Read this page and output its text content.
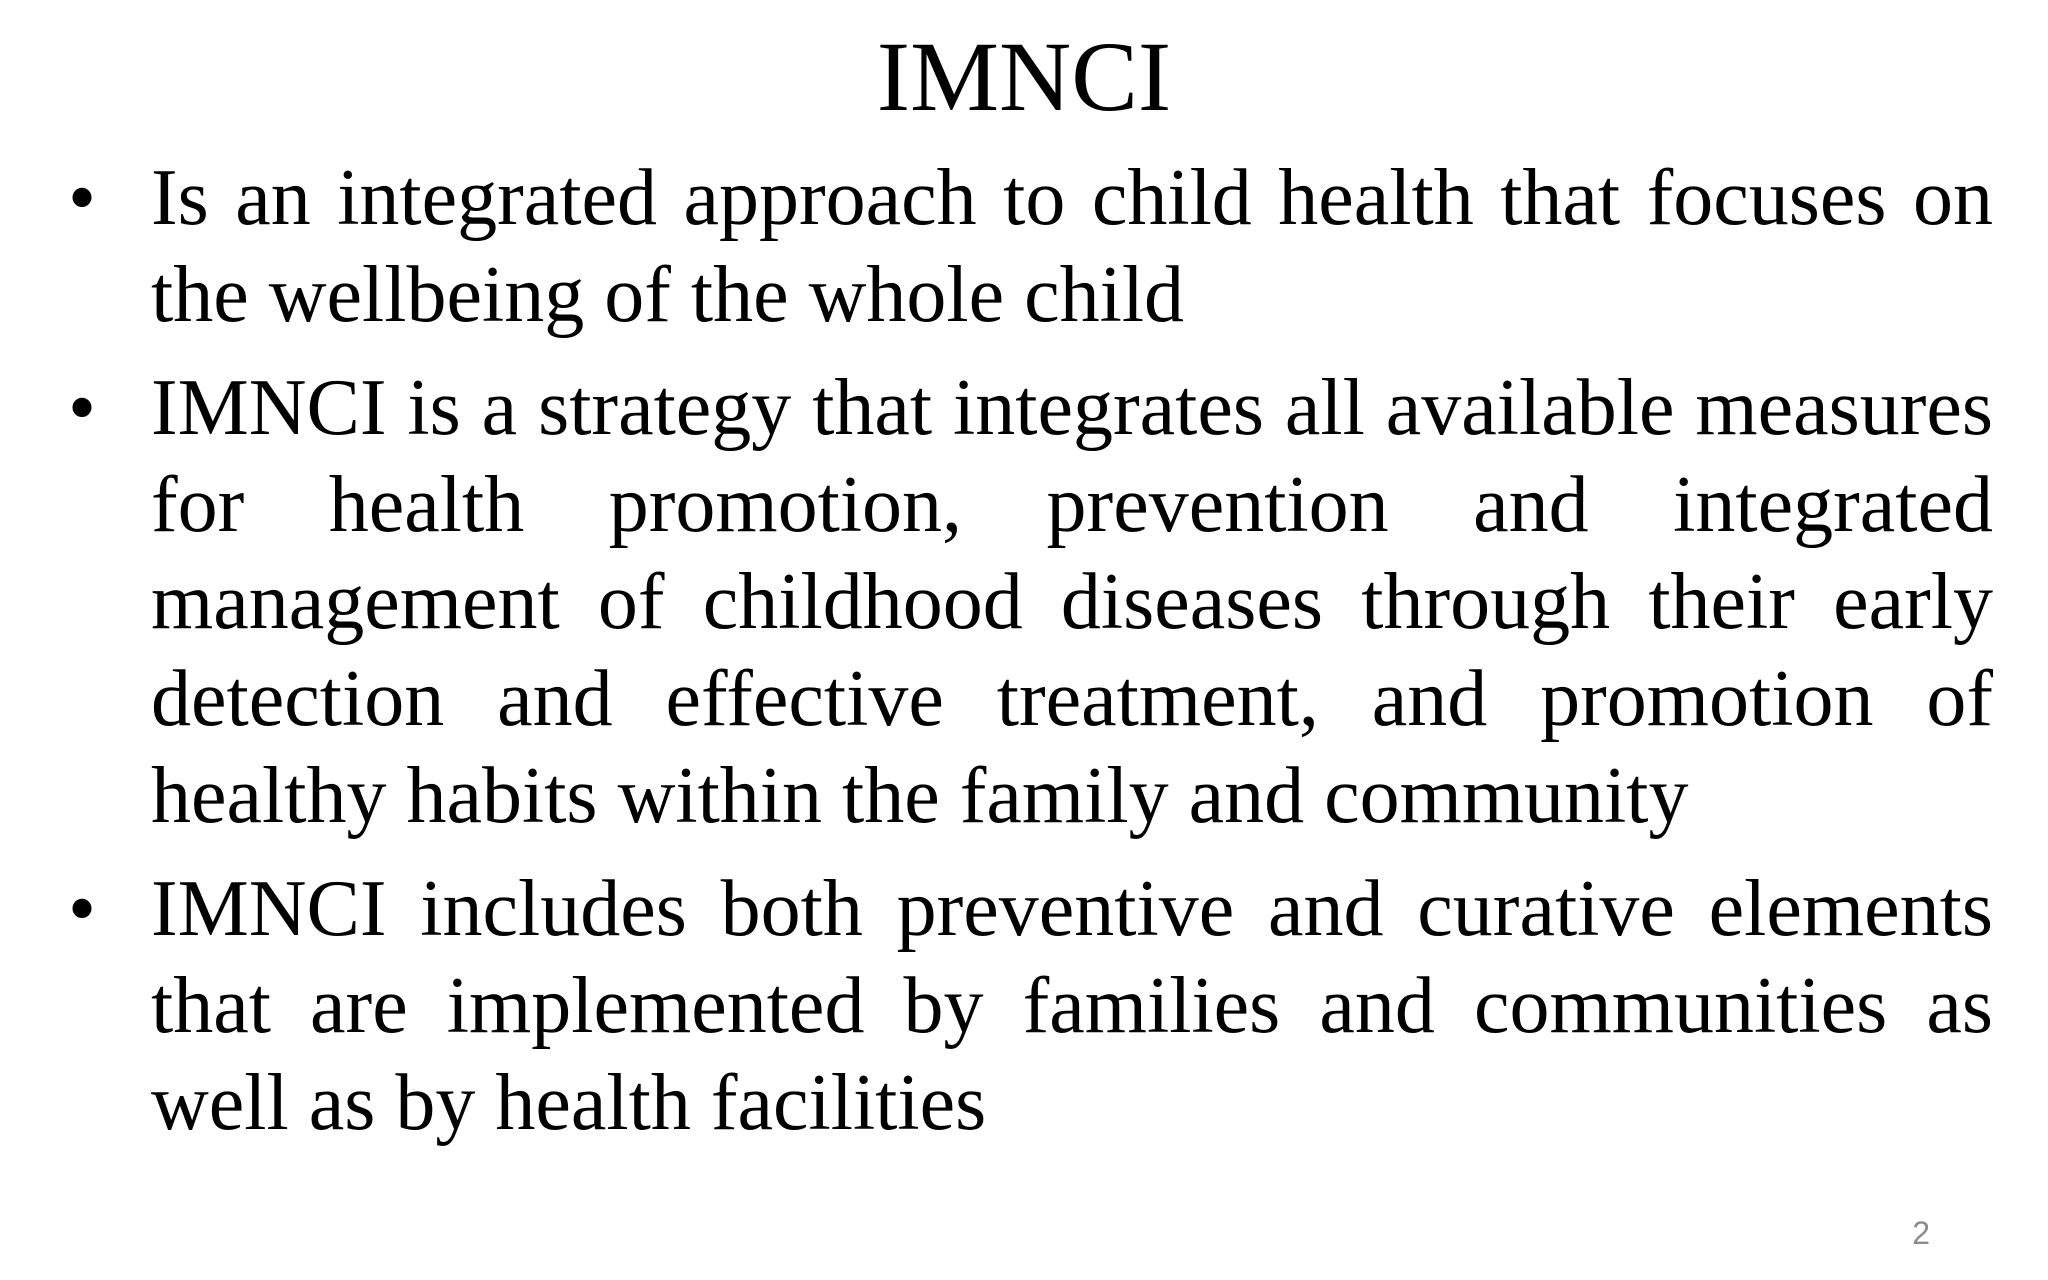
IMNCI
• Is an integrated approach to child health that focuses on the wellbeing of the whole child
• IMNCI is a strategy that integrates all available measures for health promotion, prevention and integrated management of childhood diseases through their early detection and effective treatment, and promotion of healthy habits within the family and community
• IMNCI includes both preventive and curative elements that are implemented by families and communities as well as by health facilities
2
